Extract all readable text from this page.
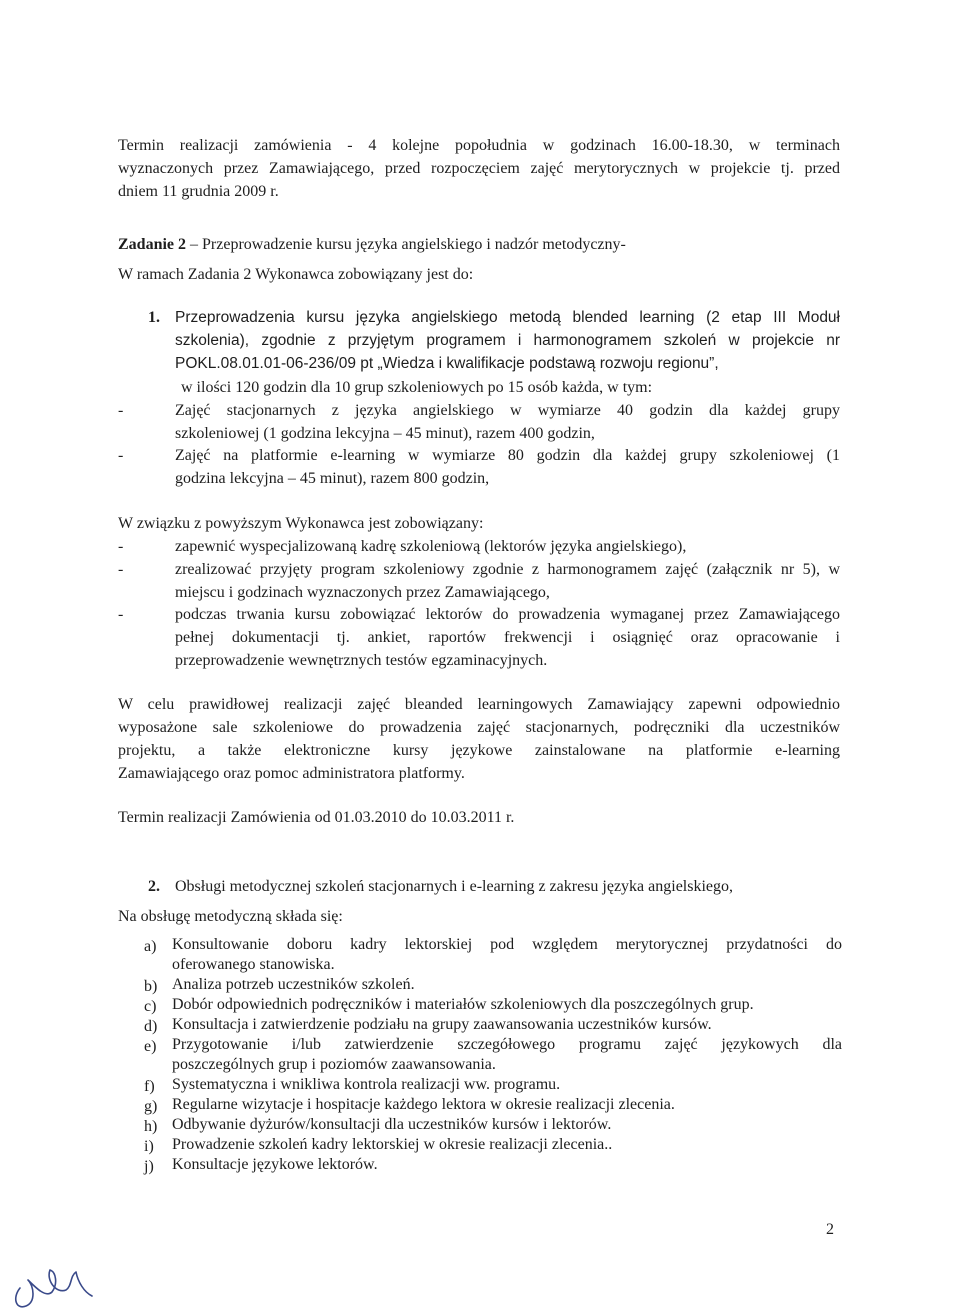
Termin realizacji zamówienia - 4 kolejne popołudnia w godzinach 16.00-18.30, w terminach
wyznaczonych przez Zamawiającego, przed rozpoczęciem zajęć merytorycznych w projekcie tj. przed
dniem 11 grudnia 2009 r.
Zadanie 2 – Przeprowadzenie kursu języka angielskiego i nadzór metodyczny-
W ramach Zadania 2 Wykonawca zobowiązany jest do:
1. Przeprowadzenia kursu języka angielskiego metodą blended learning (2 etap III Moduł
szkolenia), zgodnie z przyjętym programem i harmonogramem szkoleń w projekcie nr
POKL.08.01.01-06-236/09 pt „Wiedza i kwalifikacje podstawą rozwoju regionu”,
w ilości 120 godzin dla 10 grup szkoleniowych po 15 osób każda, w tym:
-	Zajęć stacjonarnych z języka angielskiego w wymiarze 40 godzin dla każdej grupy
szkoleniowej (1 godzina lekcyjna – 45 minut), razem 400 godzin,
-	Zajęć na platformie e-learning w wymiarze 80 godzin dla każdej grupy szkoleniowej (1
godzina lekcyjna – 45 minut), razem 800 godzin,
W związku z powyższym Wykonawca jest zobowiązany:
-	zapewnić wyspecjalizowaną kadrę szkoleniową (lektorów języka angielskiego),
-	zrealizować przyjęty program szkoleniowy zgodnie z harmonogramem zajęć (załącznik nr 5), w
miejscu i godzinach wyznaczonych przez Zamawiającego,
-	podczas trwania kursu zobowiązać lektorów do prowadzenia wymaganej przez Zamawiającego
pełnej dokumentacji tj. ankiet, raportów frekwencji i osiągnięć oraz opracowanie i
przeprowadzenie wewnętrznych testów egzaminacyjnych.
W celu prawidłowej realizacji zajęć bleanded learningowych Zamawiający zapewni odpowiednio
wyposażone sale szkoleniowe do prowadzenia zajęć stacjonarnych, podręczniki dla uczestników
projektu, a także elektroniczne kursy językowe zainstalowane na platformie e-learning
Zamawiającego oraz pomoc administratora platformy.
Termin realizacji Zamówienia od 01.03.2010 do 10.03.2011 r.
2. Obsługi metodycznej szkoleń stacjonarnych i e-learning z zakresu języka angielskiego,
Na obsługę metodyczną składa się:
a) Konsultowanie doboru kadry lektorskiej pod względem merytorycznej przydatności do
oferowanego stanowiska.
b) Analiza potrzeb uczestników szkoleń.
c) Dobór odpowiednich podręczników i materiałów szkoleniowych dla poszczególnych grup.
d) Konsultacja i zatwierdzenie podziału na grupy zaawansowania uczestników kursów.
e) Przygotowanie i/lub zatwierdzenie szczegółowego programu zajęć językowych dla
poszczególnych grup i poziomów zaawansowania.
f) Systematyczna i wnikliwa kontrola realizacji ww. programu.
g) Regularne wizytacje i hospitacje każdego lektora w okresie realizacji zlecenia.
h) Odbywanie dyżurów/konsultacji dla uczestników kursów i lektorów.
i) Prowadzenie szkoleń kadry lektorskiej w okresie realizacji zlecenia..
j) Konsultacje językowe lektorów.
2
